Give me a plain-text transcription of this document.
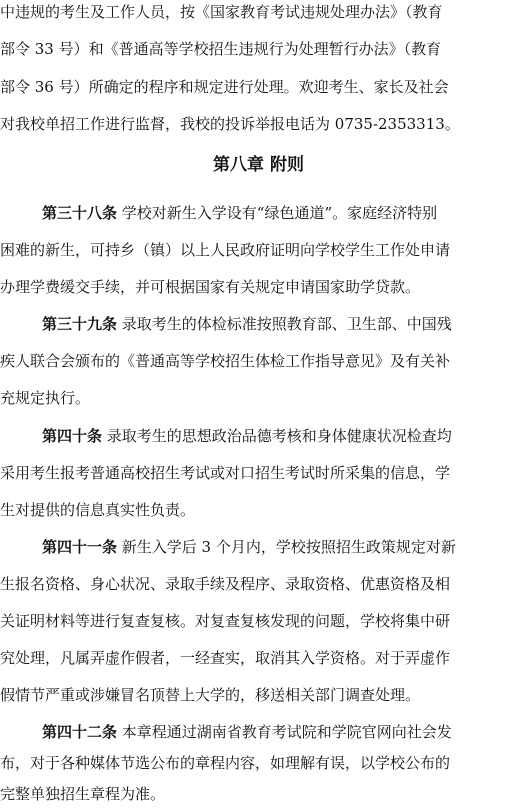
中违规的考生及工作人员，按《国家教育考试违规处理办法》（教育
部令 33 号）和《普通高等学校招生违规行为处理暂行办法》（教育
部令 36 号）所确定的程序和规定进行处理。欢迎考生、家长及社会
对我校单招工作进行监督，我校的投诉举报电话为 0735-2353313。
第八章 附则
第三十八条 学校对新生入学设有“绿色通道”。家庭经济特别
困难的新生，可持乡（镇）以上人民政府证明向学校学生工作处申请
办理学费缓交手续，并可根据国家有关规定申请国家助学贷款。
第三十九条 录取考生的体检标准按照教育部、卫生部、中国残
疾人联合会颁布的《普通高等学校招生体检工作指导意见》及有关补
充规定执行。
第四十条 录取考生的思想政治品德考核和身体健康状况检查均
采用考生报考普通高校招生考试或对口招生考试时所采集的信息，学
生对提供的信息真实性负责。
第四十一条 新生入学后 3 个月内，学校按照招生政策规定对新
生报名资格、身心状况、录取手续及程序、录取资格、优惠资格及相
关证明材料等进行复查复核。对复查复核发现的问题，学校将集中研
究处理，凡属弄虚作假者，一经查实，取消其入学资格。对于弄虚作
假情节严重或涉嫌冒名顶替上大学的，移送相关部门调查处理。
第四十二条 本章程通过湖南省教育考试院和学院官网向社会发
布，对于各种媒体节选公布的章程内容，如理解有误，以学校公布的
完整单独招生章程为准。
